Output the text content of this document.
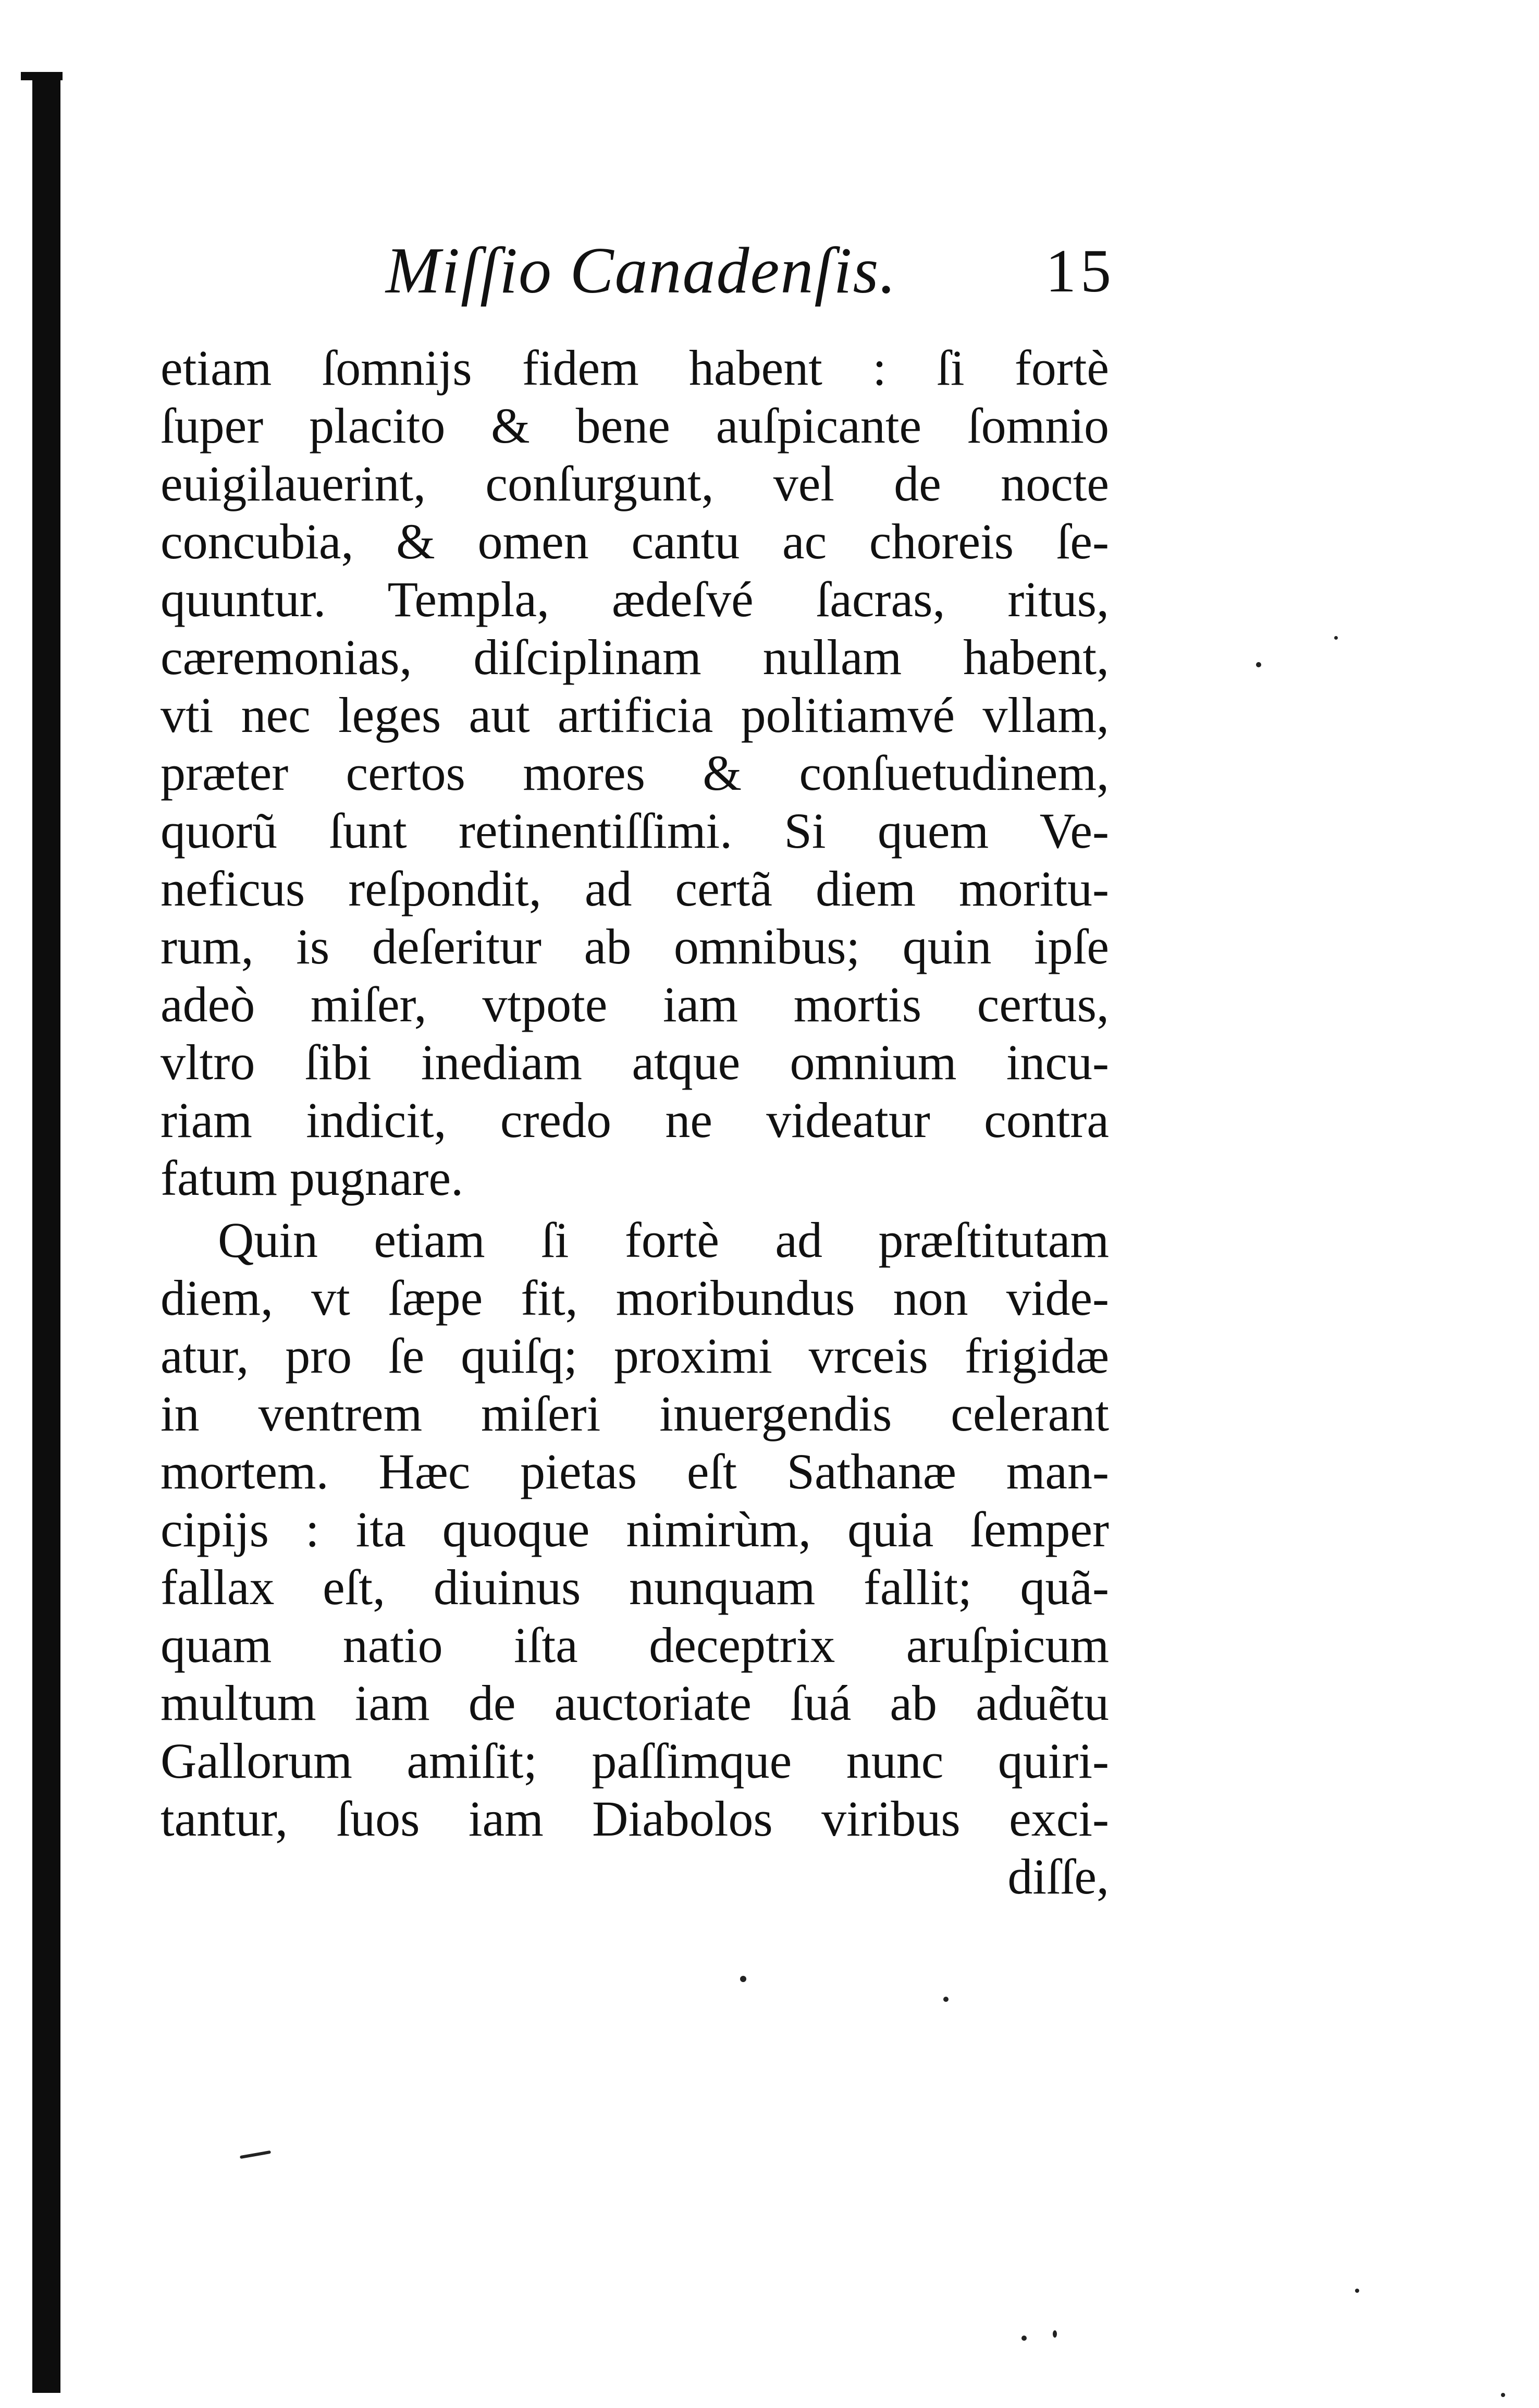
Miſſio Canadenſis. 15
etiam ſomnijs fidem habent : ſi fortè
ſuper placito & bene auſpicante ſomnio
euigilauerint, conſurgunt, vel de nocte
concubia, & omen cantu ac choreis ſe-
quuntur. Templa, ædeſvé ſacras, ritus,
cæremonias, diſciplinam nullam habent,
vti nec leges aut artificia politiamvé vllam,
præter certos mores & conſuetudinem,
quorũ ſunt retinentiſſimi. Si quem Ve-
neficus reſpondit, ad certã diem moritu-
rum, is deſeritur ab omnibus; quin ipſe
adeò miſer, vtpote iam mortis certus,
vltro ſibi inediam atque omnium incu-
riam indicit, credo ne videatur contra
fatum pugnare.
Quin etiam ſi fortè ad præſtitutam
diem, vt ſæpe fit, moribundus non vide-
atur, pro ſe quiſq; proximi vrceis frigidæ
in ventrem miſeri inuergendis celerant
mortem. Hæc pietas eſt Sathanæ man-
cipijs : ita quoque nimirùm, quia ſemper
fallax eſt, diuinus nunquam fallit; quã-
quam natio iſta deceptrix aruſpicum
multum iam de auctoriate ſuá ab aduẽtu
Gallorum amiſit; paſſimque nunc quiri-
tantur, ſuos iam Diabolos viribus exci-
diſſe,
